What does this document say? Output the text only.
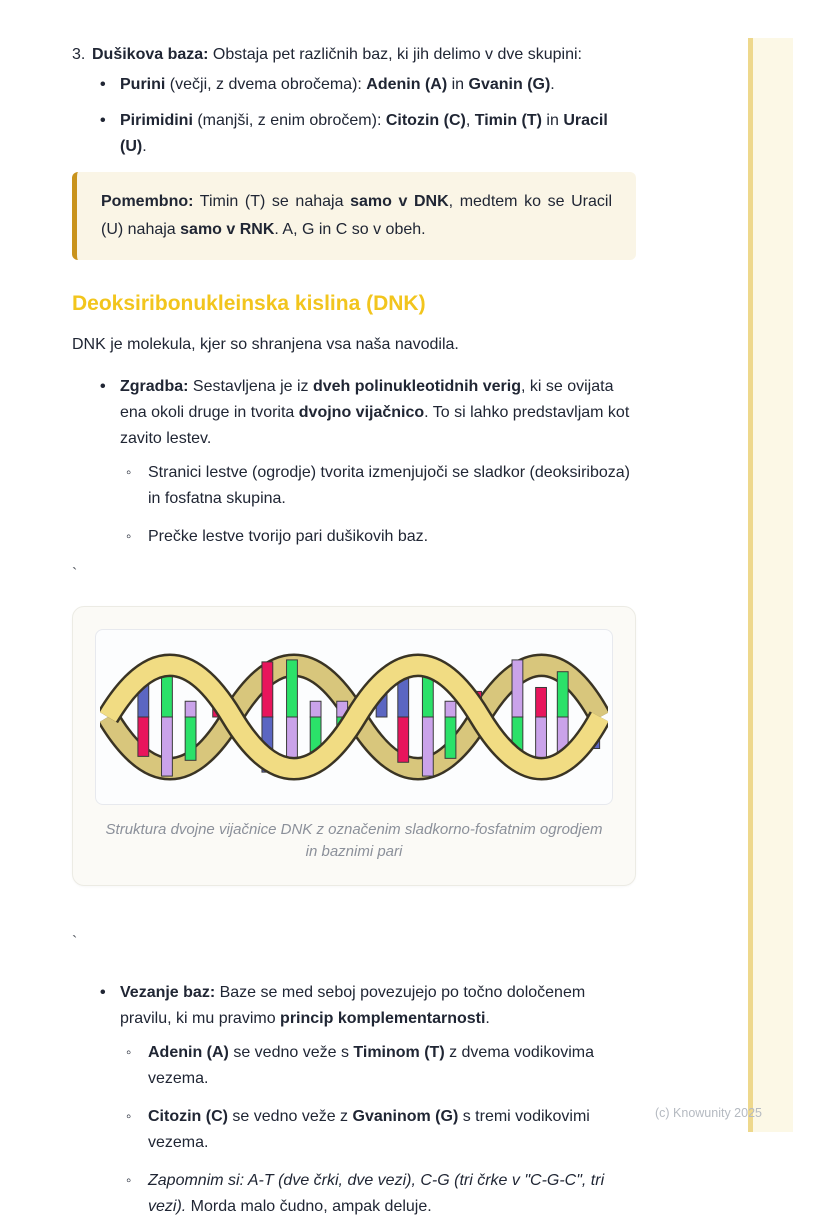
3. Dušikova baza: Obstaja pet različnih baz, ki jih delimo v dve skupini:
• Purini (večji, z dvema obročema): Adenin (A) in Gvanin (G).
• Pirimidini (manjši, z enim obročem): Citozin (C), Timin (T) in Uracil (U).

Pomembno: Timin (T) se nahaja samo v DNK, medtem ko se Uracil (U) nahaja samo v RNK. A, G in C so v obeh.

Deoksiribonukleinska kislina (DNK)

DNK je molekula, kjer so shranjena vsa naša navodila.

• Zgradba: Sestavljena je iz dveh polinukleotidnih verig, ki se ovijata ena okoli druge in tvorita dvojno vijačnico. To si lahko predstavljam kot zavito lestev.
◦ Stranici lestve (ogrodje) tvorita izmenjujoči se sladkor (deoksiriboza) in fosfatna skupina.
◦ Prečke lestve tvorijo pari dušikovih baz.
`
Struktura dvojne vijačnice DNK z označenim sladkorno-fosfatnim ogrodjem in baznimi pari
`
• Vezanje baz: Baze se med seboj povezujejo po točno določenem pravilu, ki mu pravimo princip komplementarnosti.
◦ Adenin (A) se vedno veže s Timinom (T) z dvema vodikovima vezema.
◦ Citozin (C) se vedno veže z Gvaninom (G) s tremi vodikovimi vezema.
◦ Zapomnim si: A-T (dve črki, dve vezi), C-G (tri črke v "C-G-C", tri vezi). Morda malo čudno, ampak deluje.
(c) Knowunity 2025
